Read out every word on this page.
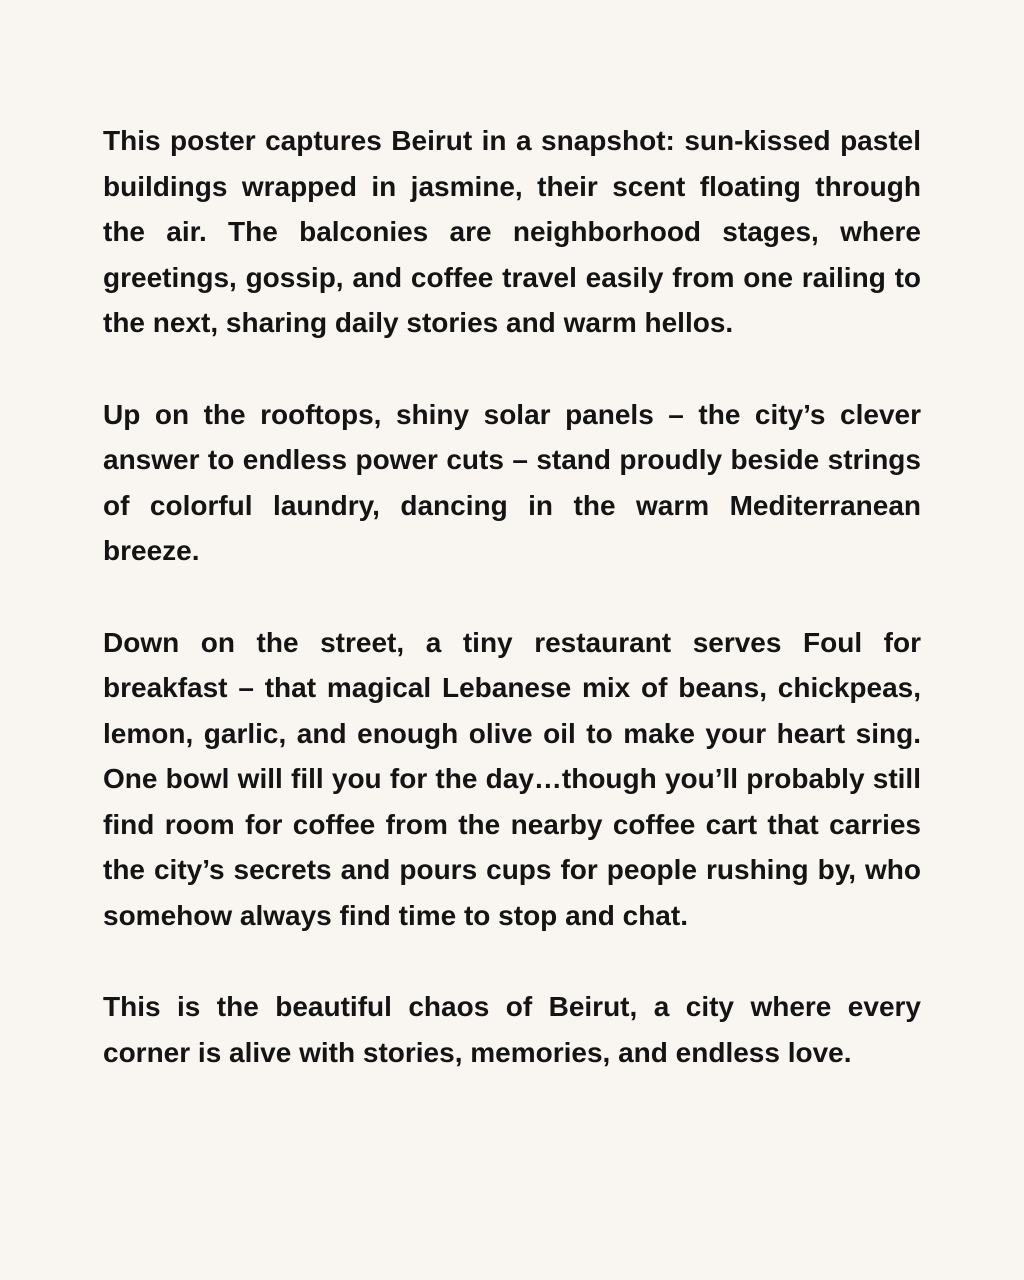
This poster captures Beirut in a snapshot: sun-kissed pastel buildings wrapped in jasmine, their scent floating through the air. The balconies are neighborhood stages, where greetings, gossip, and coffee travel easily from one railing to the next, sharing daily stories and warm hellos.

Up on the rooftops, shiny solar panels – the city’s clever answer to endless power cuts – stand proudly beside strings of colorful laundry, dancing in the warm Mediterranean breeze.

Down on the street, a tiny restaurant serves Foul for breakfast – that magical Lebanese mix of beans, chickpeas, lemon, garlic, and enough olive oil to make your heart sing. One bowl will fill you for the day…though you’ll probably still find room for coffee from the nearby coffee cart that carries the city’s secrets and pours cups for people rushing by, who somehow always find time to stop and chat.

This is the beautiful chaos of Beirut, a city where every corner is alive with stories, memories, and endless love.
